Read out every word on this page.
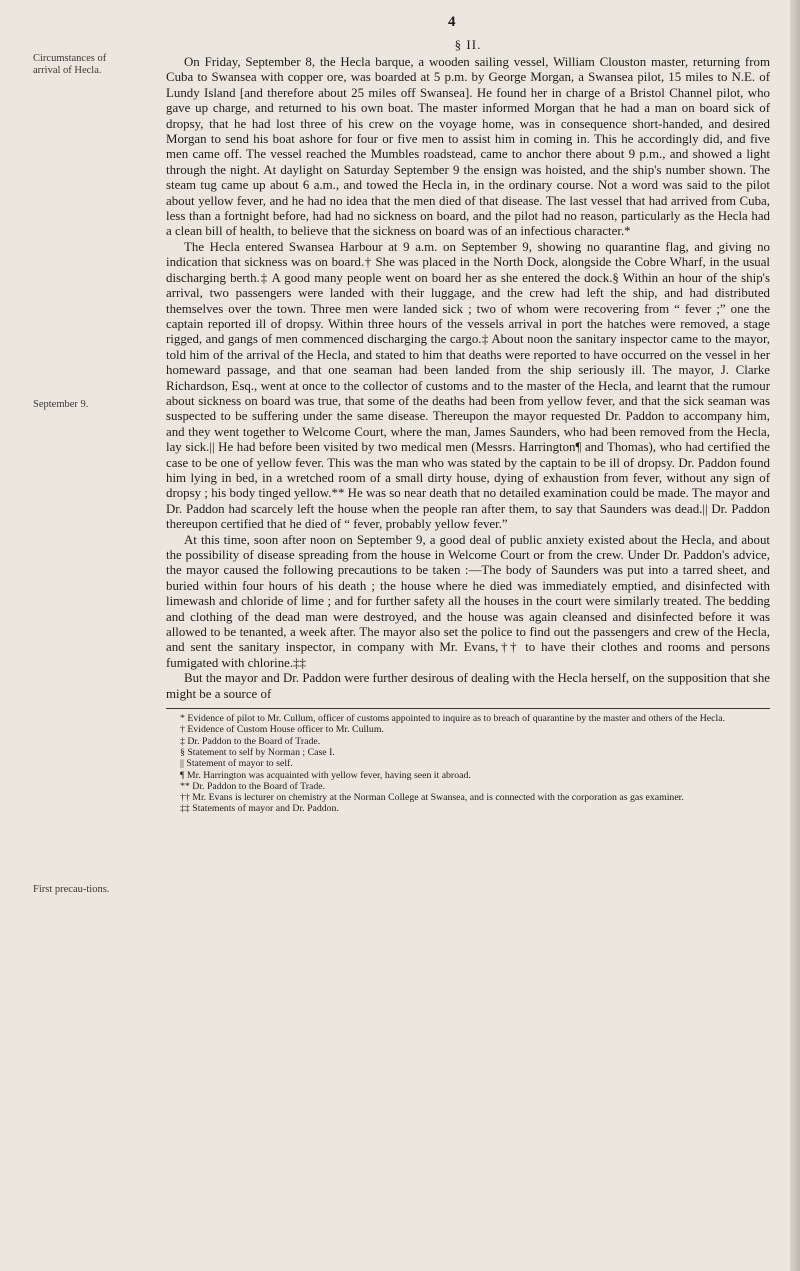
4
Circumstances of arrival of Hecla.
September 9.
First precau-tions.
§ II.

On Friday, September 8, the Hecla barque, a wooden sailing vessel, William Clouston master, returning from Cuba to Swansea with copper ore, was boarded at 5 p.m. by George Morgan, a Swansea pilot, 15 miles to N.E. of Lundy Island [and therefore about 25 miles off Swansea]. He found her in charge of a Bristol Channel pilot, who gave up charge, and returned to his own boat. The master informed Morgan that he had a man on board sick of dropsy, that he had lost three of his crew on the voyage home, was in consequence short-handed, and desired Morgan to send his boat ashore for four or five men to assist him in coming in. This he accordingly did, and five men came off. The vessel reached the Mumbles roadstead, came to anchor there about 9 p.m., and showed a light through the night. At daylight on Saturday September 9 the ensign was hoisted, and the ship's number shown. The steam tug came up about 6 a.m., and towed the Hecla in, in the ordinary course. Not a word was said to the pilot about yellow fever, and he had no idea that the men died of that disease. The last vessel that had arrived from Cuba, less than a fortnight before, had had no sickness on board, and the pilot had no reason, particularly as the Hecla had a clean bill of health, to believe that the sickness on board was of an infectious character.*

The Hecla entered Swansea Harbour at 9 a.m. on September 9, showing no quarantine flag, and giving no indication that sickness was on board.† She was placed in the North Dock, alongside the Cobre Wharf, in the usual discharging berth.‡ A good many people went on board her as she entered the dock.§ Within an hour of the ship's arrival, two passengers were landed with their luggage, and the crew had left the ship, and had distributed themselves over the town. Three men were landed sick ; two of whom were recovering from “ fever ;” one the captain reported ill of dropsy. Within three hours of the vessels arrival in port the hatches were removed, a stage rigged, and gangs of men commenced discharging the cargo.‡ About noon the sanitary inspector came to the mayor, told him of the arrival of the Hecla, and stated to him that deaths were reported to have occurred on the vessel in her homeward passage, and that one seaman had been landed from the ship seriously ill. The mayor, J. Clarke Richardson, Esq., went at once to the collector of customs and to the master of the Hecla, and learnt that the rumour about sickness on board was true, that some of the deaths had been from yellow fever, and that the sick seaman was suspected to be suffering under the same disease. Thereupon the mayor requested Dr. Paddon to accompany him, and they went together to Welcome Court, where the man, James Saunders, who had been removed from the Hecla, lay sick.|| He had before been visited by two medical men (Messrs. Harrington¶ and Thomas), who had certified the case to be one of yellow fever. This was the man who was stated by the captain to be ill of dropsy. Dr. Paddon found him lying in bed, in a wretched room of a small dirty house, dying of exhaustion from fever, without any sign of dropsy ; his body tinged yellow.** He was so near death that no detailed examination could be made. The mayor and Dr. Paddon had scarcely left the house when the people ran after them, to say that Saunders was dead.|| Dr. Paddon thereupon certified that he died of “ fever, probably yellow fever.”

At this time, soon after noon on September 9, a good deal of public anxiety existed about the Hecla, and about the possibility of disease spreading from the house in Welcome Court or from the crew. Under Dr. Paddon's advice, the mayor caused the following precautions to be taken :—The body of Saunders was put into a tarred sheet, and buried within four hours of his death ; the house where he died was immediately emptied, and disinfected with limewash and chloride of lime ; and for further safety all the houses in the court were similarly treated. The bedding and clothing of the dead man were destroyed, and the house was again cleansed and disinfected before it was allowed to be tenanted, a week after. The mayor also set the police to find out the passengers and crew of the Hecla, and sent the sanitary inspector, in company with Mr. Evans,†† to have their clothes and rooms and persons fumigated with chlorine.‡‡

But the mayor and Dr. Paddon were further desirous of dealing with the Hecla herself, on the supposition that she might be a source of

* Evidence of pilot to Mr. Cullum, officer of customs appointed to inquire as to breach of quarantine by the master and others of the Hecla.

† Evidence of Custom House officer to Mr. Cullum.

‡ Dr. Paddon to the Board of Trade.

§ Statement to self by Norman ; Case I.

|| Statement of mayor to self.

¶ Mr. Harrington was acquainted with yellow fever, having seen it abroad.

** Dr. Paddon to the Board of Trade.

†† Mr. Evans is lecturer on chemistry at the Norman College at Swansea, and is connected with the corporation as gas examiner.

‡‡ Statements of mayor and Dr. Paddon.
